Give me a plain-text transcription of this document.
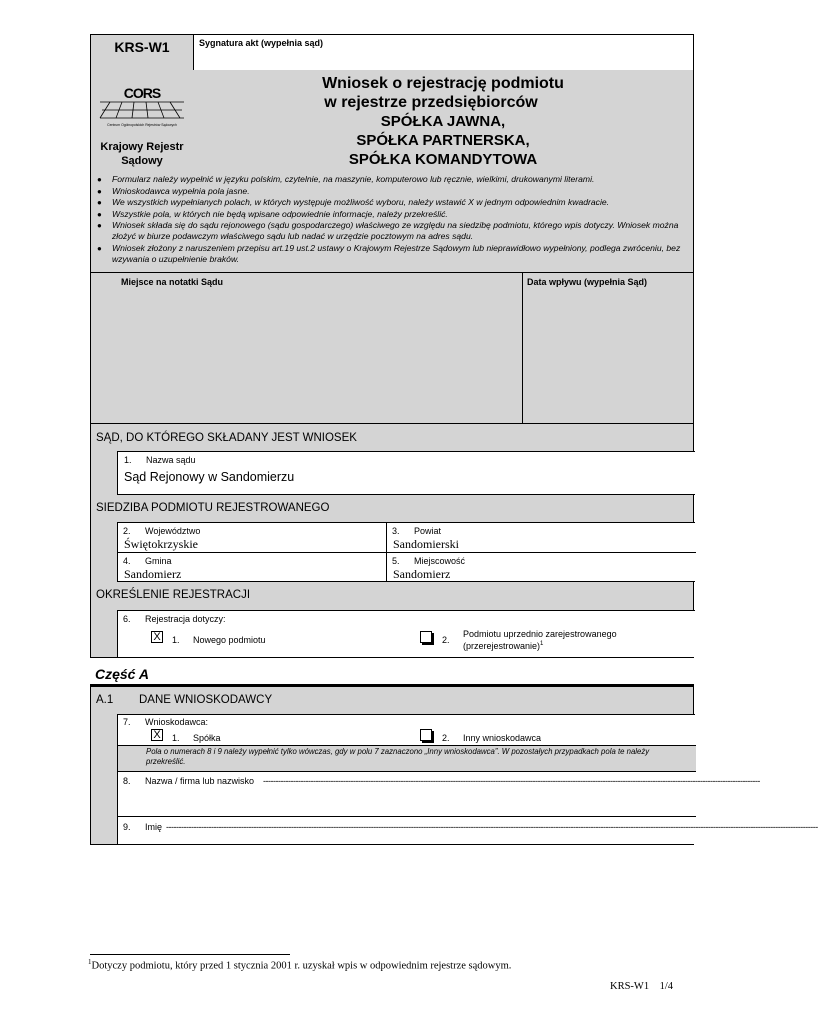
KRS-W1	Sygnatura akt (wypełnia sąd)
CORS
Centrum Ogólnopolskich Rejestrów Sądowych
Krajowy Rejestr
Sądowy
Wniosek o rejestrację podmiotu
w rejestrze przedsiębiorców
SPÓŁKA JAWNA,
SPÓŁKA PARTNERSKA,
SPÓŁKA KOMANDYTOWA
● Formularz należy wypełnić w języku polskim, czytelnie, na maszynie, komputerowo lub ręcznie, wielkimi, drukowanymi literami.
● Wnioskodawca wypełnia pola jasne.
● We wszystkich wypełnianych polach, w których występuje możliwość wyboru, należy wstawić X w jednym odpowiednim kwadracie.
● Wszystkie pola, w których nie będą wpisane odpowiednie informacje, należy przekreślić.
● Wniosek składa się do sądu rejonowego (sądu gospodarczego) właściwego ze względu na siedzibę podmiotu, którego wpis dotyczy. Wniosek można złożyć w biurze podawczym właściwego sądu lub nadać w urzędzie pocztowym na adres sądu.
● Wniosek złożony z naruszeniem przepisu art.19 ust.2 ustawy o Krajowym Rejestrze Sądowym lub nieprawidłowo wypełniony, podlega zwróceniu, bez wzywania o uzupełnienie braków.
Miejsce na notatki Sądu	Data wpływu (wypełnia Sąd)
SĄD, DO KTÓREGO SKŁADANY JEST WNIOSEK
1. Nazwa sądu
Sąd Rejonowy w Sandomierzu
SIEDZIBA PODMIOTU REJESTROWANEGO
2. Województwo
Świętokrzyskie
3. Powiat
Sandomierski
4. Gmina
Sandomierz
5. Miejscowość
Sandomierz
OKREŚLENIE REJESTRACJI
6. Rejestracja dotyczy:
X 1. Nowego podmiotu	2.
Podmiotu uprzednio zarejestrowanego
(przerejestrowanie)$^1$
Część A
A.1 DANE WNIOSKODAWCY
7. Wnioskodawca:
X 1. Spółka	2. Inny wnioskodawca
Pola o numerach 8 i 9 należy wypełnić tylko wówczas, gdy w polu 7 zaznaczono „Inny wnioskodawca”. W pozostałych przypadkach pola te należy przekreślić.
8. Nazwa / firma lub nazwisko -------------------------------------------------------------------------------------------------------------------------------------------------------------------------------------------------------
9. Imię ---------------------------------------------------------------------------------------------------------------------------------------------------------------------------------------------------------------------------------------------------------------------
$^1$Dotyczy podmiotu, który przed 1 stycznia 2001 r. uzyskał wpis w odpowiednim rejestrze sądowym.
KRS-W1 1/4
